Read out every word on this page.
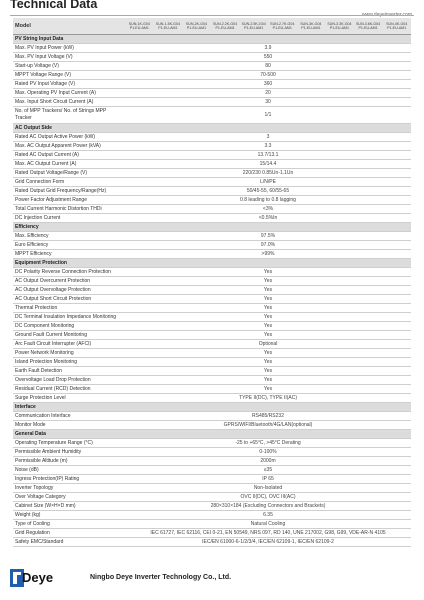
Technical Data
Model	SUN-1K-G04 P1-EU-AM1	SUN-1.5K-G04 P1-EU-AM1	SUN-2K-G04 P1-EU-AM1	SUN-2.2K-G04 P1-EU-AM1	SUN-2.5K-G04 P1-EU-AM1	SUN-2.7K-G04 P1-EU-AM1	SUN-3K-G04 P1-EU-AM1	SUN-3.3K-G04 P1-EU-AM1	SUN-3.6K-G04 P1-EU-AM1	SUN-4K-G04 P1-EU-AM1
PV String Input Data										
Max. PV Input Power (kW)	3.9									
Max. PV Input Voltage (V)	550									
Start-up Voltage (V)	80									
MPPT Voltage Range (V)	70-500									
Rated PV Input Voltage (V)	360									
Max. Operating PV Input Current (A)	20									
Max. Input Short Circuit Current (A)	30									
No. of MPP Trackers/ No. of Strings MPP Tracker	1/1									
AC Output Side										
Rated AC Output Active Power (kW)	3									
Max. AC Output Apparent Power (kVA)	3.3									
Rated AC Output Current (A)	13.7/13.1									
Max. AC Output Current (A)	15/14.4									
Rated Output Voltage/Range (V)	220/230 0.85Un-1.1Un									
Grid Connection Form	L/N/PE									
Rated Output Grid Frequency/Range(Hz)	50/45-55, 60/55-65									
Power Factor Adjustment Range	0.8 leading to 0.8 lagging									
Total Current Harmonic Distortion THDi	<3%									
DC Injection Current	<0.5%In									
Efficiency										
Max. Efficiency	97.5%									
Euro Efficiency	97.0%									
MPPT Efficiency	>99%									
Equipment Protection										
DC Polarity Reverse Connection Protection	Yes									
AC Output Overcurrent Protection	Yes									
AC Output Overvoltage Protection	Yes									
AC Output Short Circuit Protection	Yes									
Thermal Protection	Yes									
DC Terminal Insulation Impedance Monitoring	Yes									
DC Component Monitoring	Yes									
Ground Fault Current Monitoring	Yes									
Arc Fault Circuit Interrupter (AFCI)	Optional									
Power Network Monitoring	Yes									
Island Protection Monitoring	Yes									
Earth Fault Detection	Yes									
Overvoltage Load Drop Protection	Yes									
Residual Current (RCD) Detection	Yes									
Surge Protection Level	TYPE II(DC), TYPE II(AC)									
Interface										
Communication Interface	RS485/RS232									
Monitor Mode	GPRS/WIFI/Bluetooth/4G/LAN(optional)									
General Data										
Operating Temperature Range (°C)	-25 to +65°C, >45°C Derating									
Permissible Ambient Humidity	0-100%									
Permissible Altitude (m)	2000m									
Noise (dB)	≤35									
Ingress Protection(IP) Rating	IP 65									
Inverter Topology	Non-Isolated									
Over Voltage Category	OVC II(DC), OVC III(AC)									
Cabinet Size (W×H×D mm)	280×310×184 (Excluding Connectors and Brackets)									
Weight (kg)	6.35									
Type of Cooling	Natural Cooling									
Grid Regulation	IEC 61727, IEC 62116, CEI 0-21, EN 50549, NRS 097, RD 140, UNE 217002, G98, G99, VDE-AR-N 4105									
Safety EMC/Standard	IEC/EN 61000-6-1/2/3/4, IEC/EN 62109-1, IEC/EN 62109-2									
Deye	Ningbo Deye Inverter Technology Co., Ltd.
